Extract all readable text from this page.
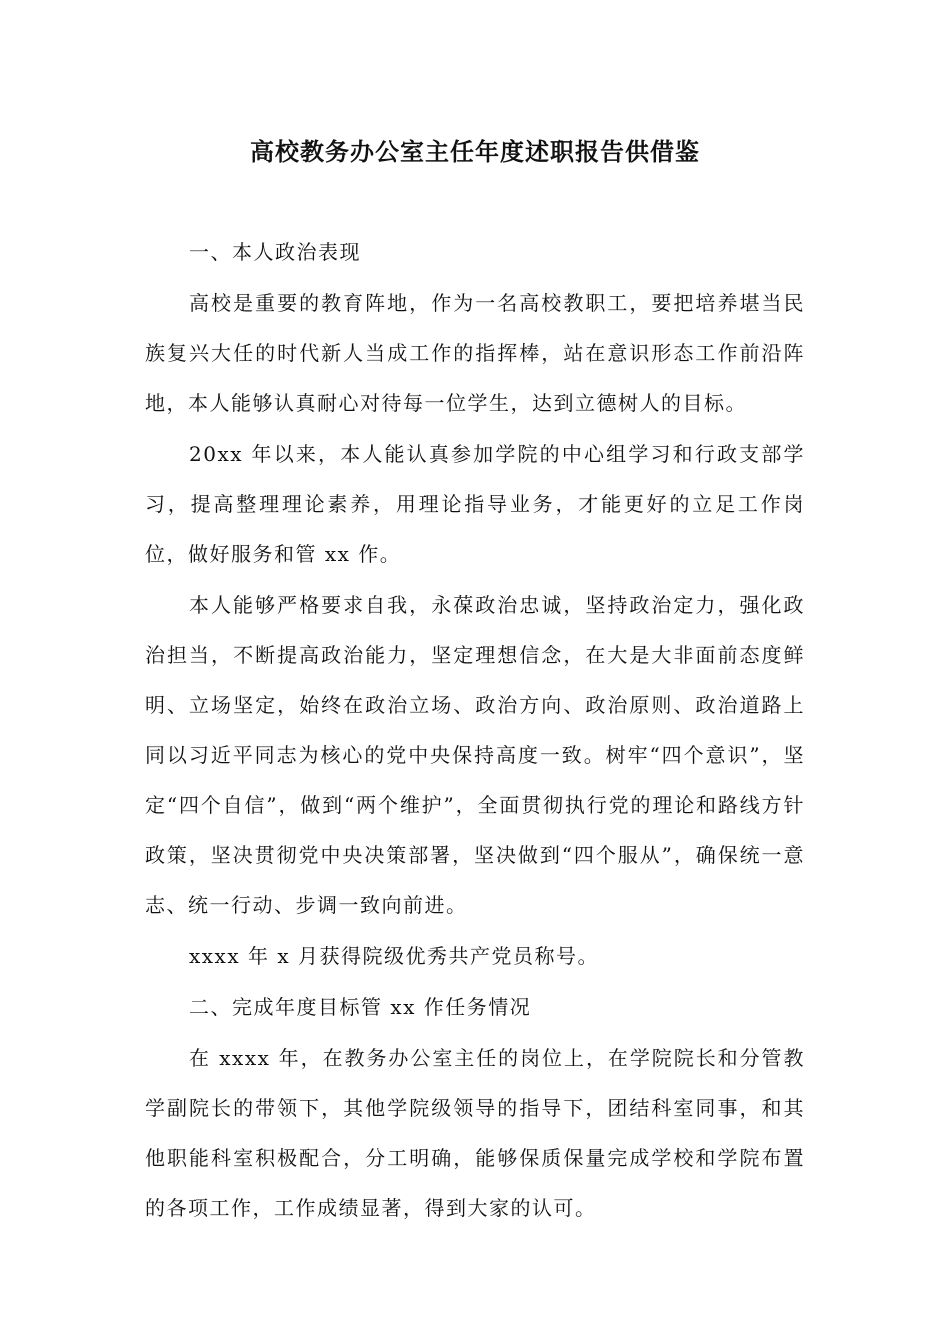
高校教务办公室主任年度述职报告供借鉴

一、本人政治表现

高校是重要的教育阵地，作为一名高校教职工，要把培养堪当民族复兴大任的时代新人当成工作的指挥棒，站在意识形态工作前沿阵地，本人能够认真耐心对待每一位学生，达到立德树人的目标。

20xx 年以来，本人能认真参加学院的中心组学习和行政支部学习，提高整理理论素养，用理论指导业务，才能更好的立足工作岗位，做好服务和管 xx 作。

本人能够严格要求自我，永葆政治忠诚，坚持政治定力，强化政治担当，不断提高政治能力，坚定理想信念，在大是大非面前态度鲜明、立场坚定，始终在政治立场、政治方向、政治原则、政治道路上同以习近平同志为核心的党中央保持高度一致。树牢“四个意识”，坚定“四个自信”，做到“两个维护”，全面贯彻执行党的理论和路线方针政策，坚决贯彻党中央决策部署，坚决做到“四个服从”，确保统一意志、统一行动、步调一致向前进。

xxxx 年 x 月获得院级优秀共产党员称号。

二、完成年度目标管 xx 作任务情况

在 xxxx 年，在教务办公室主任的岗位上，在学院院长和分管教学副院长的带领下，其他学院级领导的指导下，团结科室同事，和其他职能科室积极配合，分工明确，能够保质保量完成学校和学院布置的各项工作，工作成绩显著，得到大家的认可。
